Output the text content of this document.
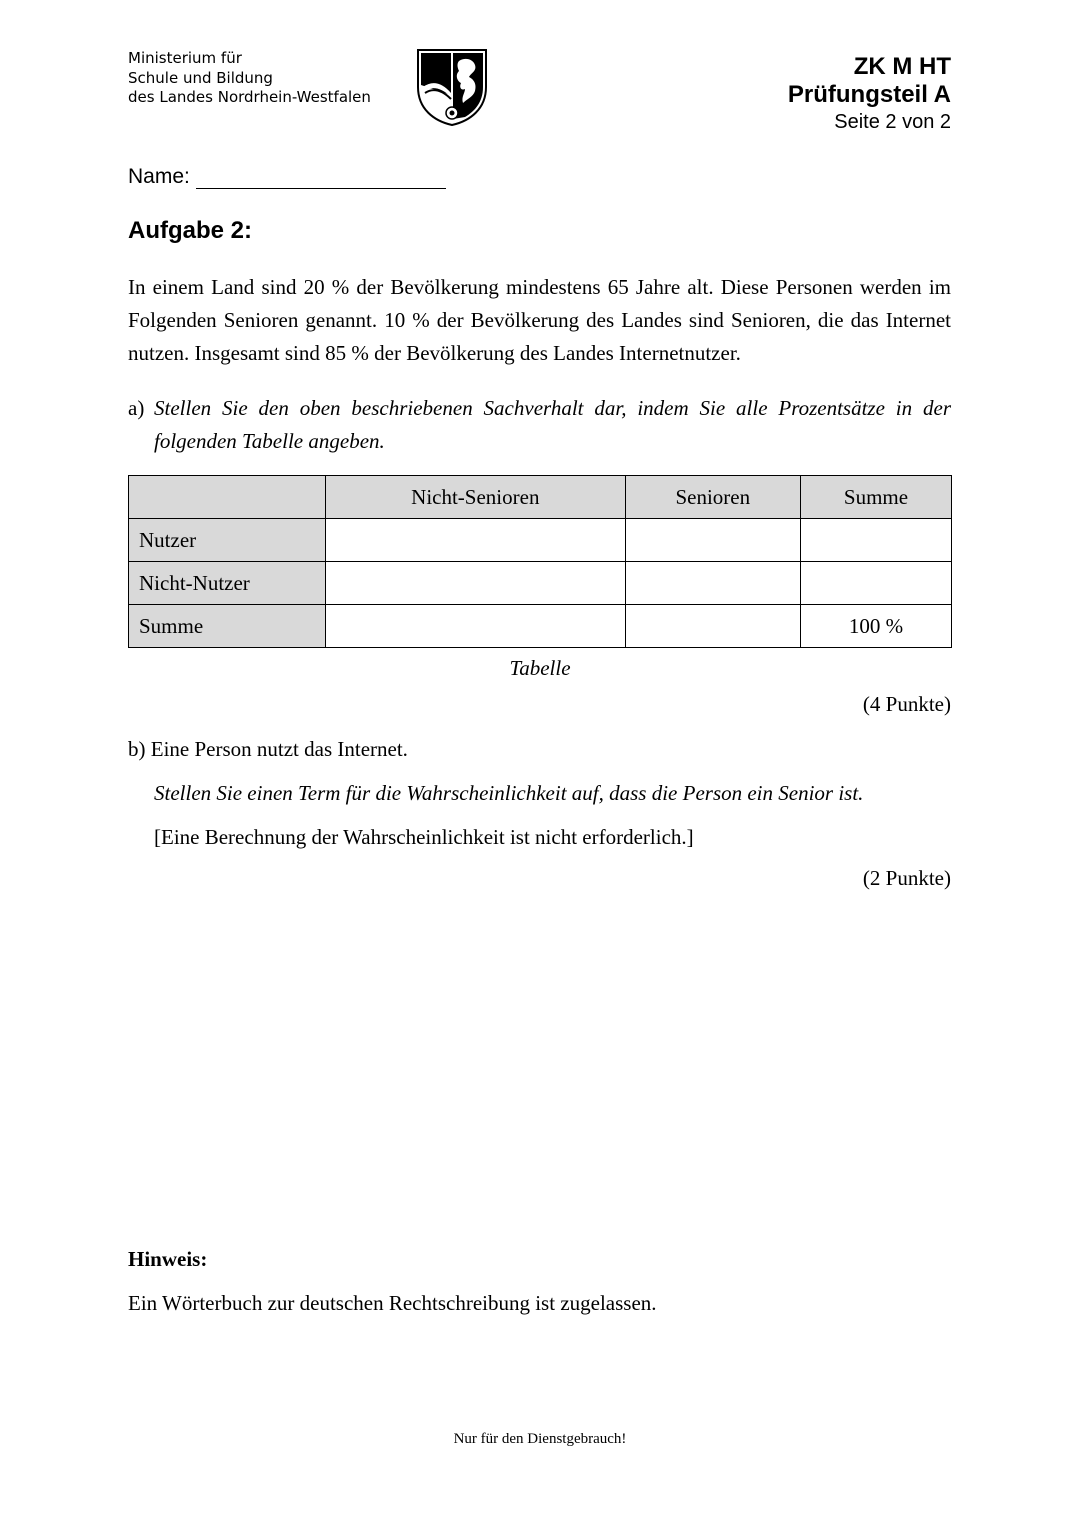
Ministerium für
Schule und Bildung
des Landes Nordrhein-Westfalen
ZK M HT
Prüfungsteil A
Seite 2 von 2
Name:
Aufgabe 2:

In einem Land sind 20 % der Bevölkerung mindestens 65 Jahre alt. Diese Personen werden im Folgenden Senioren genannt. 10 % der Bevölkerung des Landes sind Senioren, die das Internet nutzen. Insgesamt sind 85 % der Bevölkerung des Landes Internetnutzer.

a) Stellen Sie den oben beschriebenen Sachverhalt dar, indem Sie alle Prozentsätze in der folgenden Tabelle angeben.
	Nicht-Senioren	Senioren	Summe
Nutzer			
Nicht-Nutzer			
Summe			100 %
Tabelle
(4 Punkte)
b) Eine Person nutzt das Internet.
Stellen Sie einen Term für die Wahrscheinlichkeit auf, dass die Person ein Senior ist.
[Eine Berechnung der Wahrscheinlichkeit ist nicht erforderlich.]
(2 Punkte)
Hinweis:
Ein Wörterbuch zur deutschen Rechtschreibung ist zugelassen.
Nur für den Dienstgebrauch!
